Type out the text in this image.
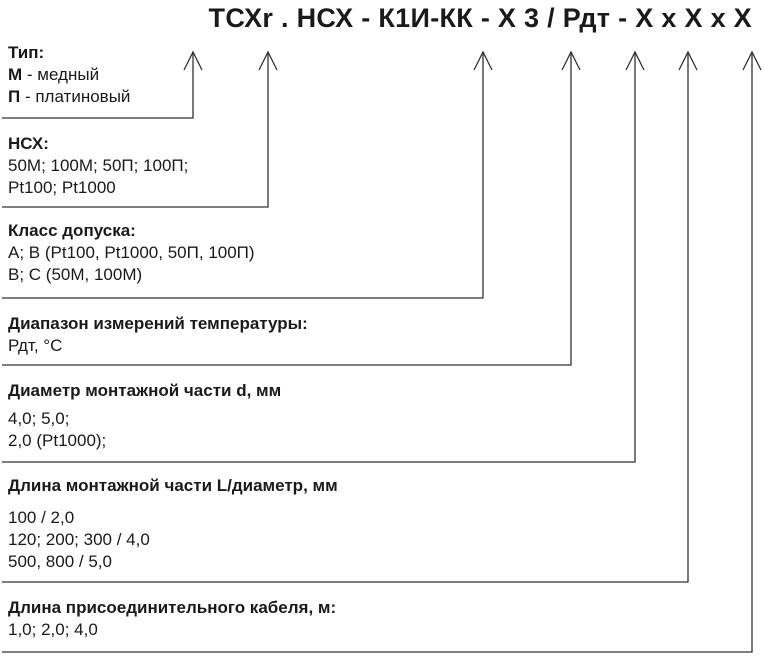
ТСХr . НСХ - К1И-КК - Х 3 / Рдт - Х х Х х Х
Тип:
М - медный
П - платиновый
НСХ:
50М; 100М; 50П; 100П;
Pt100; Pt1000
Класс допуска:
А; В (Pt100, Pt1000, 50П, 100П)
В; С (50М, 100М)
Диапазон измерений температуры:
Рдт, °С
Диаметр монтажной части d, мм
4,0; 5,0;
2,0 (Pt1000);
Длина монтажной части L/диаметр, мм
100 / 2,0
120; 200; 300 / 4,0
500, 800 / 5,0
Длина присоединительного кабеля, м:
1,0; 2,0; 4,0
